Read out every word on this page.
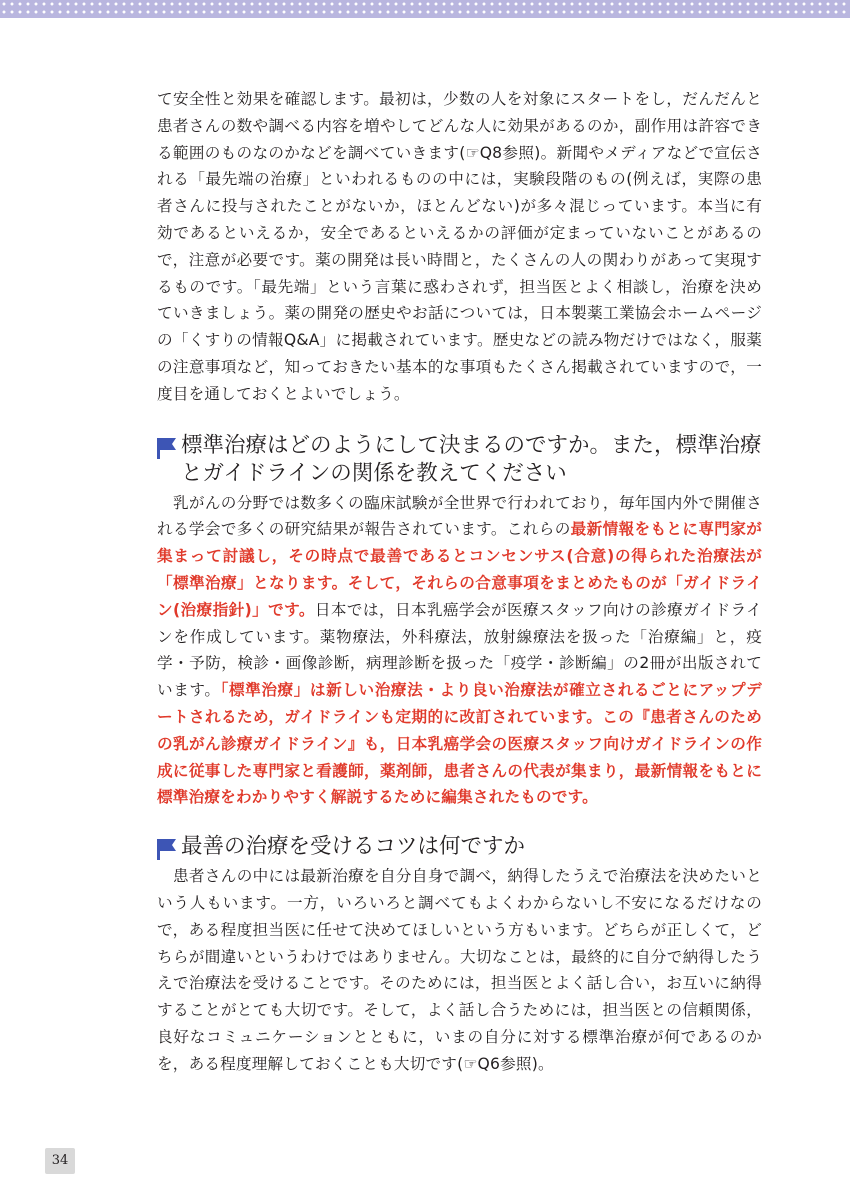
て安全性と効果を確認します。最初は，少数の人を対象にスタートをし，だんだんと患者さんの数や調べる内容を増やしてどんな人に効果があるのか，副作用は許容できる範囲のものなのかなどを調べていきます(☞Q8参照)。新聞やメディアなどで宣伝される「最先端の治療」といわれるものの中には，実験段階のもの(例えば，実際の患者さんに投与されたことがないか，ほとんどない)が多々混じっています。本当に有効であるといえるか，安全であるといえるかの評価が定まっていないことがあるので，注意が必要です。薬の開発は長い時間と，たくさんの人の関わりがあって実現するものです。「最先端」という言葉に惑わされず，担当医とよく相談し，治療を決めていきましょう。薬の開発の歴史やお話については，日本製薬工業協会ホームページの「くすりの情報Q&A」に掲載されています。歴史などの読み物だけではなく，服薬の注意事項など，知っておきたい基本的な事項もたくさん掲載されていますので，一度目を通しておくとよいでしょう。

標準治療はどのようにして決まるのですか。また，標準治療とガイドラインの関係を教えてください

乳がんの分野では数多くの臨床試験が全世界で行われており，毎年国内外で開催される学会で多くの研究結果が報告されています。これらの最新情報をもとに専門家が集まって討議し，その時点で最善であるとコンセンサス(合意)の得られた治療法が「標準治療」となります。そして，それらの合意事項をまとめたものが「ガイドライン(治療指針)」です。日本では，日本乳癌学会が医療スタッフ向けの診療ガイドラインを作成しています。薬物療法，外科療法，放射線療法を扱った「治療編」と，疫学・予防，検診・画像診断，病理診断を扱った「疫学・診断編」の2冊が出版されています。「標準治療」は新しい治療法・より良い治療法が確立されるごとにアップデートされるため，ガイドラインも定期的に改訂されています。この『患者さんのための乳がん診療ガイドライン』も，日本乳癌学会の医療スタッフ向けガイドラインの作成に従事した専門家と看護師，薬剤師，患者さんの代表が集まり，最新情報をもとに標準治療をわかりやすく解説するために編集されたものです。

最善の治療を受けるコツは何ですか

患者さんの中には最新治療を自分自身で調べ，納得したうえで治療法を決めたいという人もいます。一方，いろいろと調べてもよくわからないし不安になるだけなので，ある程度担当医に任せて決めてほしいという方もいます。どちらが正しくて，どちらが間違いというわけではありません。大切なことは，最終的に自分で納得したうえで治療法を受けることです。そのためには，担当医とよく話し合い，お互いに納得することがとても大切です。そして，よく話し合うためには，担当医との信頼関係，良好なコミュニケーションとともに，いまの自分に対する標準治療が何であるのかを，ある程度理解しておくことも大切です(☞Q6参照)。

34
